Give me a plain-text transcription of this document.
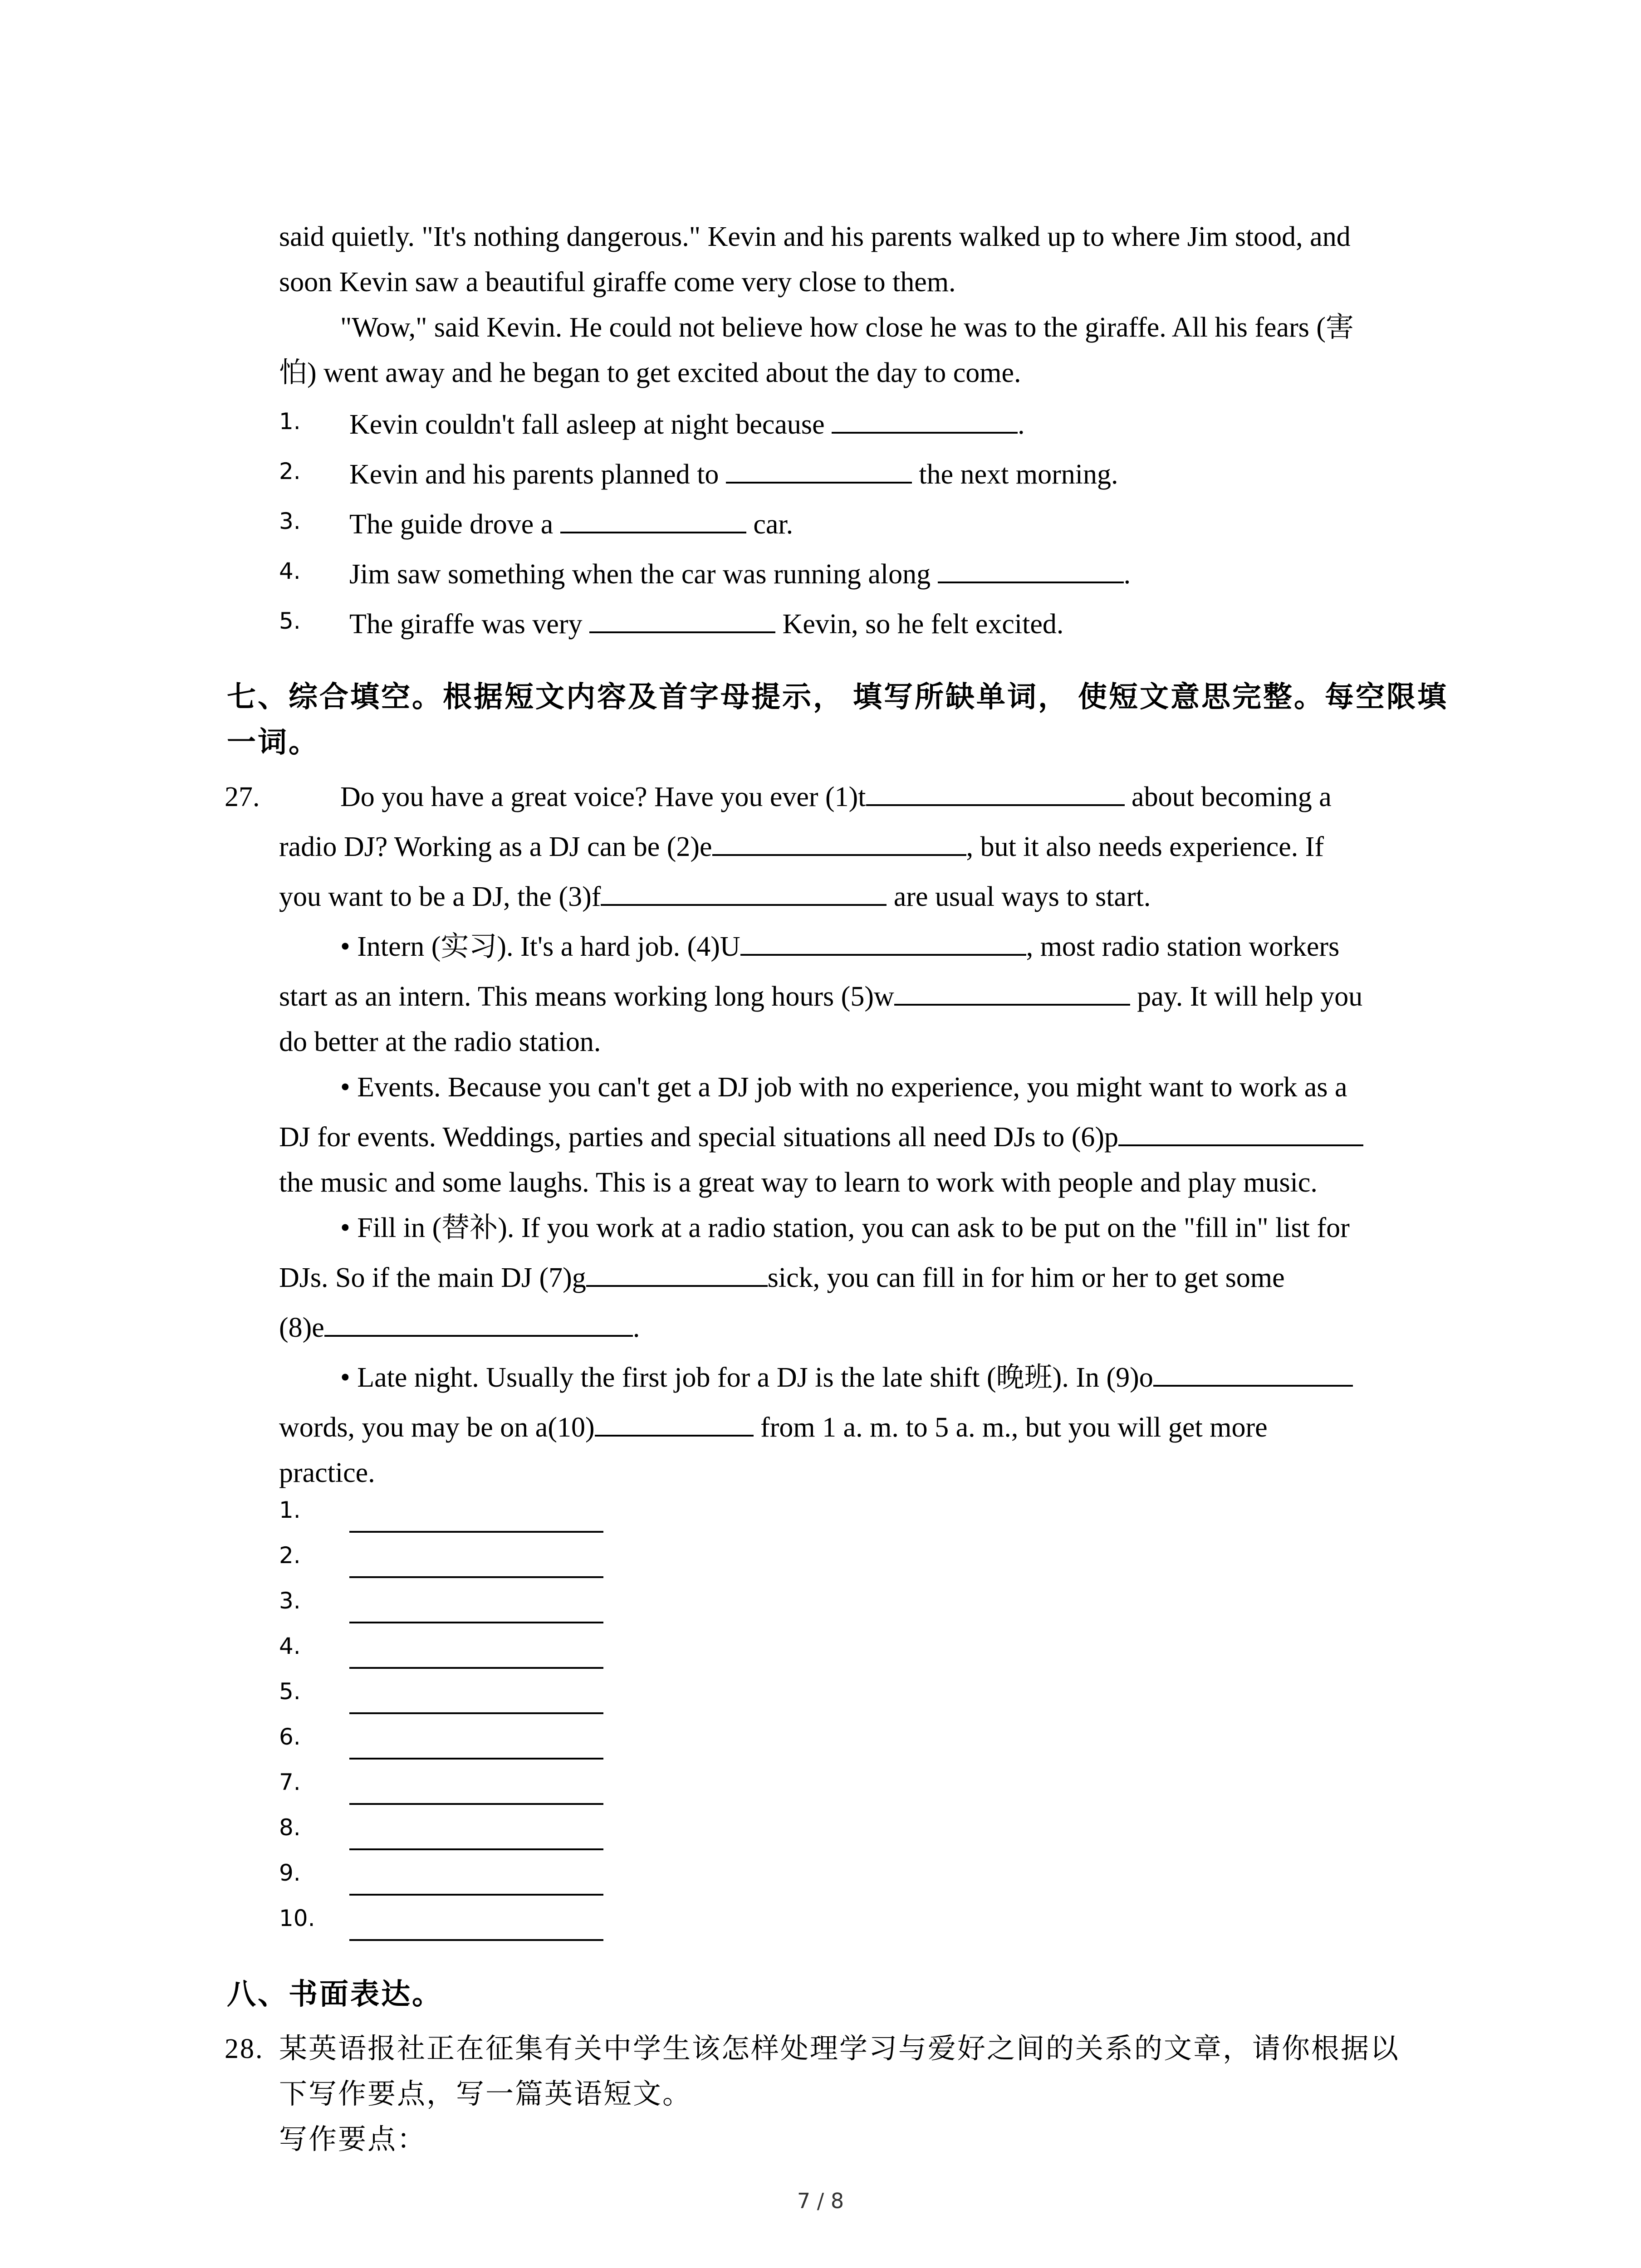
said quietly. "It's nothing dangerous." Kevin and his parents walked up to where Jim stood, and
soon Kevin saw a beautiful giraffe come very close to them.
"Wow," said Kevin. He could not believe how close he was to the giraffe. All his fears (害
怕) went away and he began to get excited about the day to come.
1. Kevin couldn't fall asleep at night because	.
2. Kevin and his parents planned to	the next morning.
3. The guide drove a	car.
4. Jim saw something when the car was running along	.
5. The giraffe was very	Kevin, so he felt excited.
七、综合填空。根据短文内容及首字母提示， 填写所缺单词， 使短文意思完整。每空限填
一词。
27.	Do you have a great voice? Have you ever (1)t	about becoming a
radio DJ? Working as a DJ can be (2)e	, but it also needs experience. If
you want to be a DJ, the (3)f	are usual ways to start.
• Intern (实习). It's a hard job. (4)U	, most radio station workers
start as an intern. This means working long hours (5)w	pay. It will help you
do better at the radio station.
• Events. Because you can't get a DJ job with no experience, you might want to work as a
DJ for events. Weddings, parties and special situations all need DJs to (6)p
the music and some laughs. This is a great way to learn to work with people and play music.
• Fill in (替补). If you work at a radio station, you can ask to be put on the "fill in" list for
DJs. So if the main DJ (7)g	sick, you can fill in for him or her to get some
(8)e	.
• Late night. Usually the first job for a DJ is the late shift (晚班). In (9)o
words, you may be on a(10)	from 1 a. m. to 5 a. m., but you will get more
practice.
1.
2.
3.
4.
5.
6.
7.
8.
9.
10.
八、书面表达。
28. 某英语报社正在征集有关中学生该怎样处理学习与爱好之间的关系的文章，请你根据以
下写作要点，写一篇英语短文。
写作要点：
7 / 8
